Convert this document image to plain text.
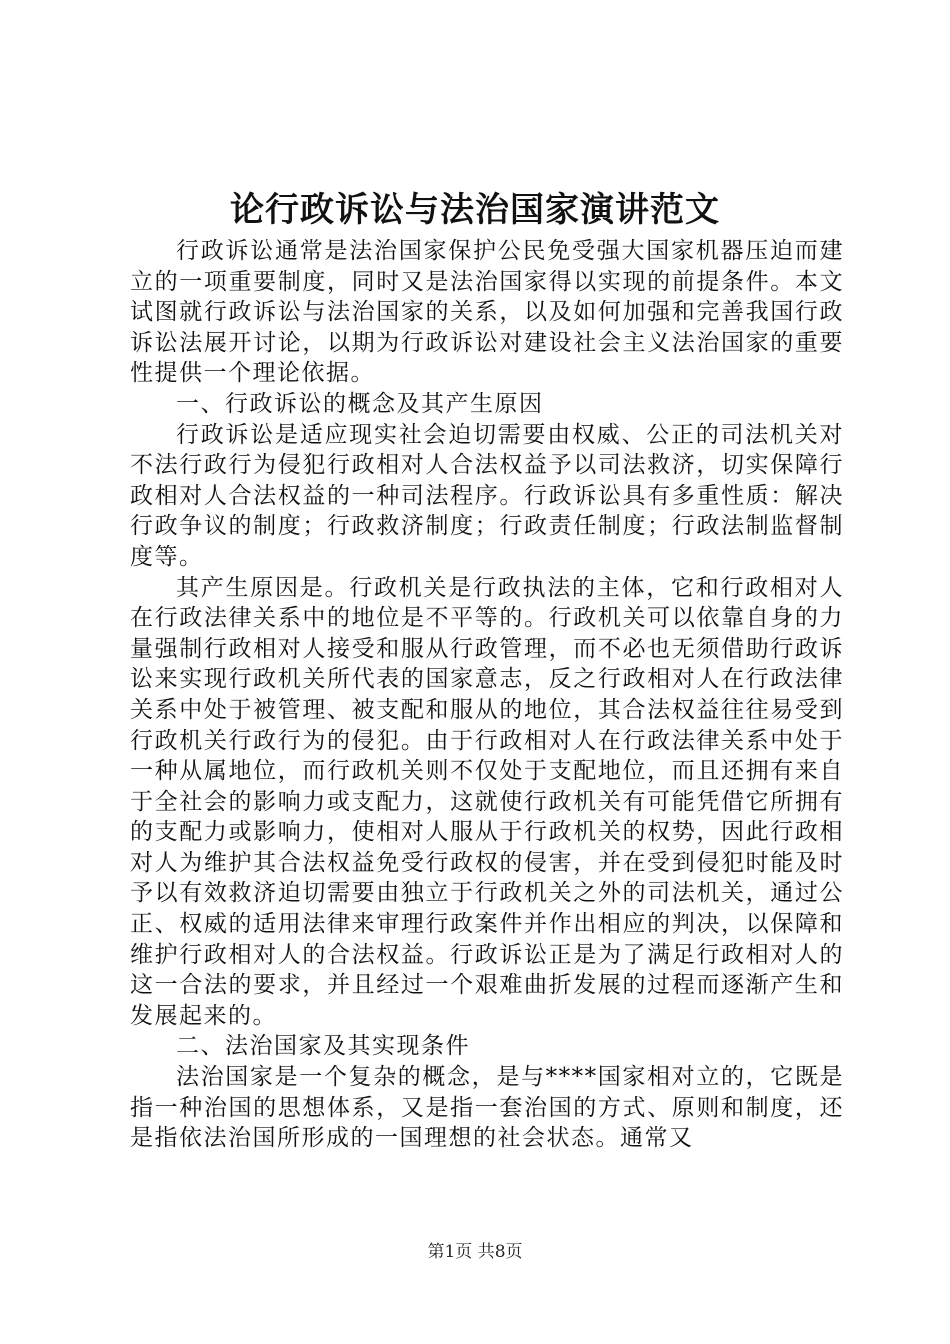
论行政诉讼与法治国家演讲范文

行政诉讼通常是法治国家保护公民免受强大国家机器压迫而建立的一项重要制度，同时又是法治国家得以实现的前提条件。本文试图就行政诉讼与法治国家的关系，以及如何加强和完善我国行政诉讼法展开讨论，以期为行政诉讼对建设社会主义法治国家的重要性提供一个理论依据。

一、行政诉讼的概念及其产生原因

行政诉讼是适应现实社会迫切需要由权威、公正的司法机关对不法行政行为侵犯行政相对人合法权益予以司法救济，切实保障行政相对人合法权益的一种司法程序。行政诉讼具有多重性质：解决行政争议的制度；行政救济制度；行政责任制度；行政法制监督制度等。

其产生原因是。行政机关是行政执法的主体，它和行政相对人在行政法律关系中的地位是不平等的。行政机关可以依靠自身的力量强制行政相对人接受和服从行政管理，而不必也无须借助行政诉讼来实现行政机关所代表的国家意志，反之行政相对人在行政法律关系中处于被管理、被支配和服从的地位，其合法权益往往易受到行政机关行政行为的侵犯。由于行政相对人在行政法律关系中处于一种从属地位，而行政机关则不仅处于支配地位，而且还拥有来自于全社会的影响力或支配力，这就使行政机关有可能凭借它所拥有的支配力或影响力，使相对人服从于行政机关的权势，因此行政相对人为维护其合法权益免受行政权的侵害，并在受到侵犯时能及时予以有效救济迫切需要由独立于行政机关之外的司法机关，通过公正、权威的适用法律来审理行政案件并作出相应的判决，以保障和维护行政相对人的合法权益。行政诉讼正是为了满足行政相对人的这一合法的要求，并且经过一个艰难曲折发展的过程而逐渐产生和发展起来的。

二、法治国家及其实现条件

法治国家是一个复杂的概念，是与****国家相对立的，它既是指一种治国的思想体系，又是指一套治国的方式、原则和制度，还是指依法治国所形成的一国理想的社会状态。通常又

第1页 共8页
